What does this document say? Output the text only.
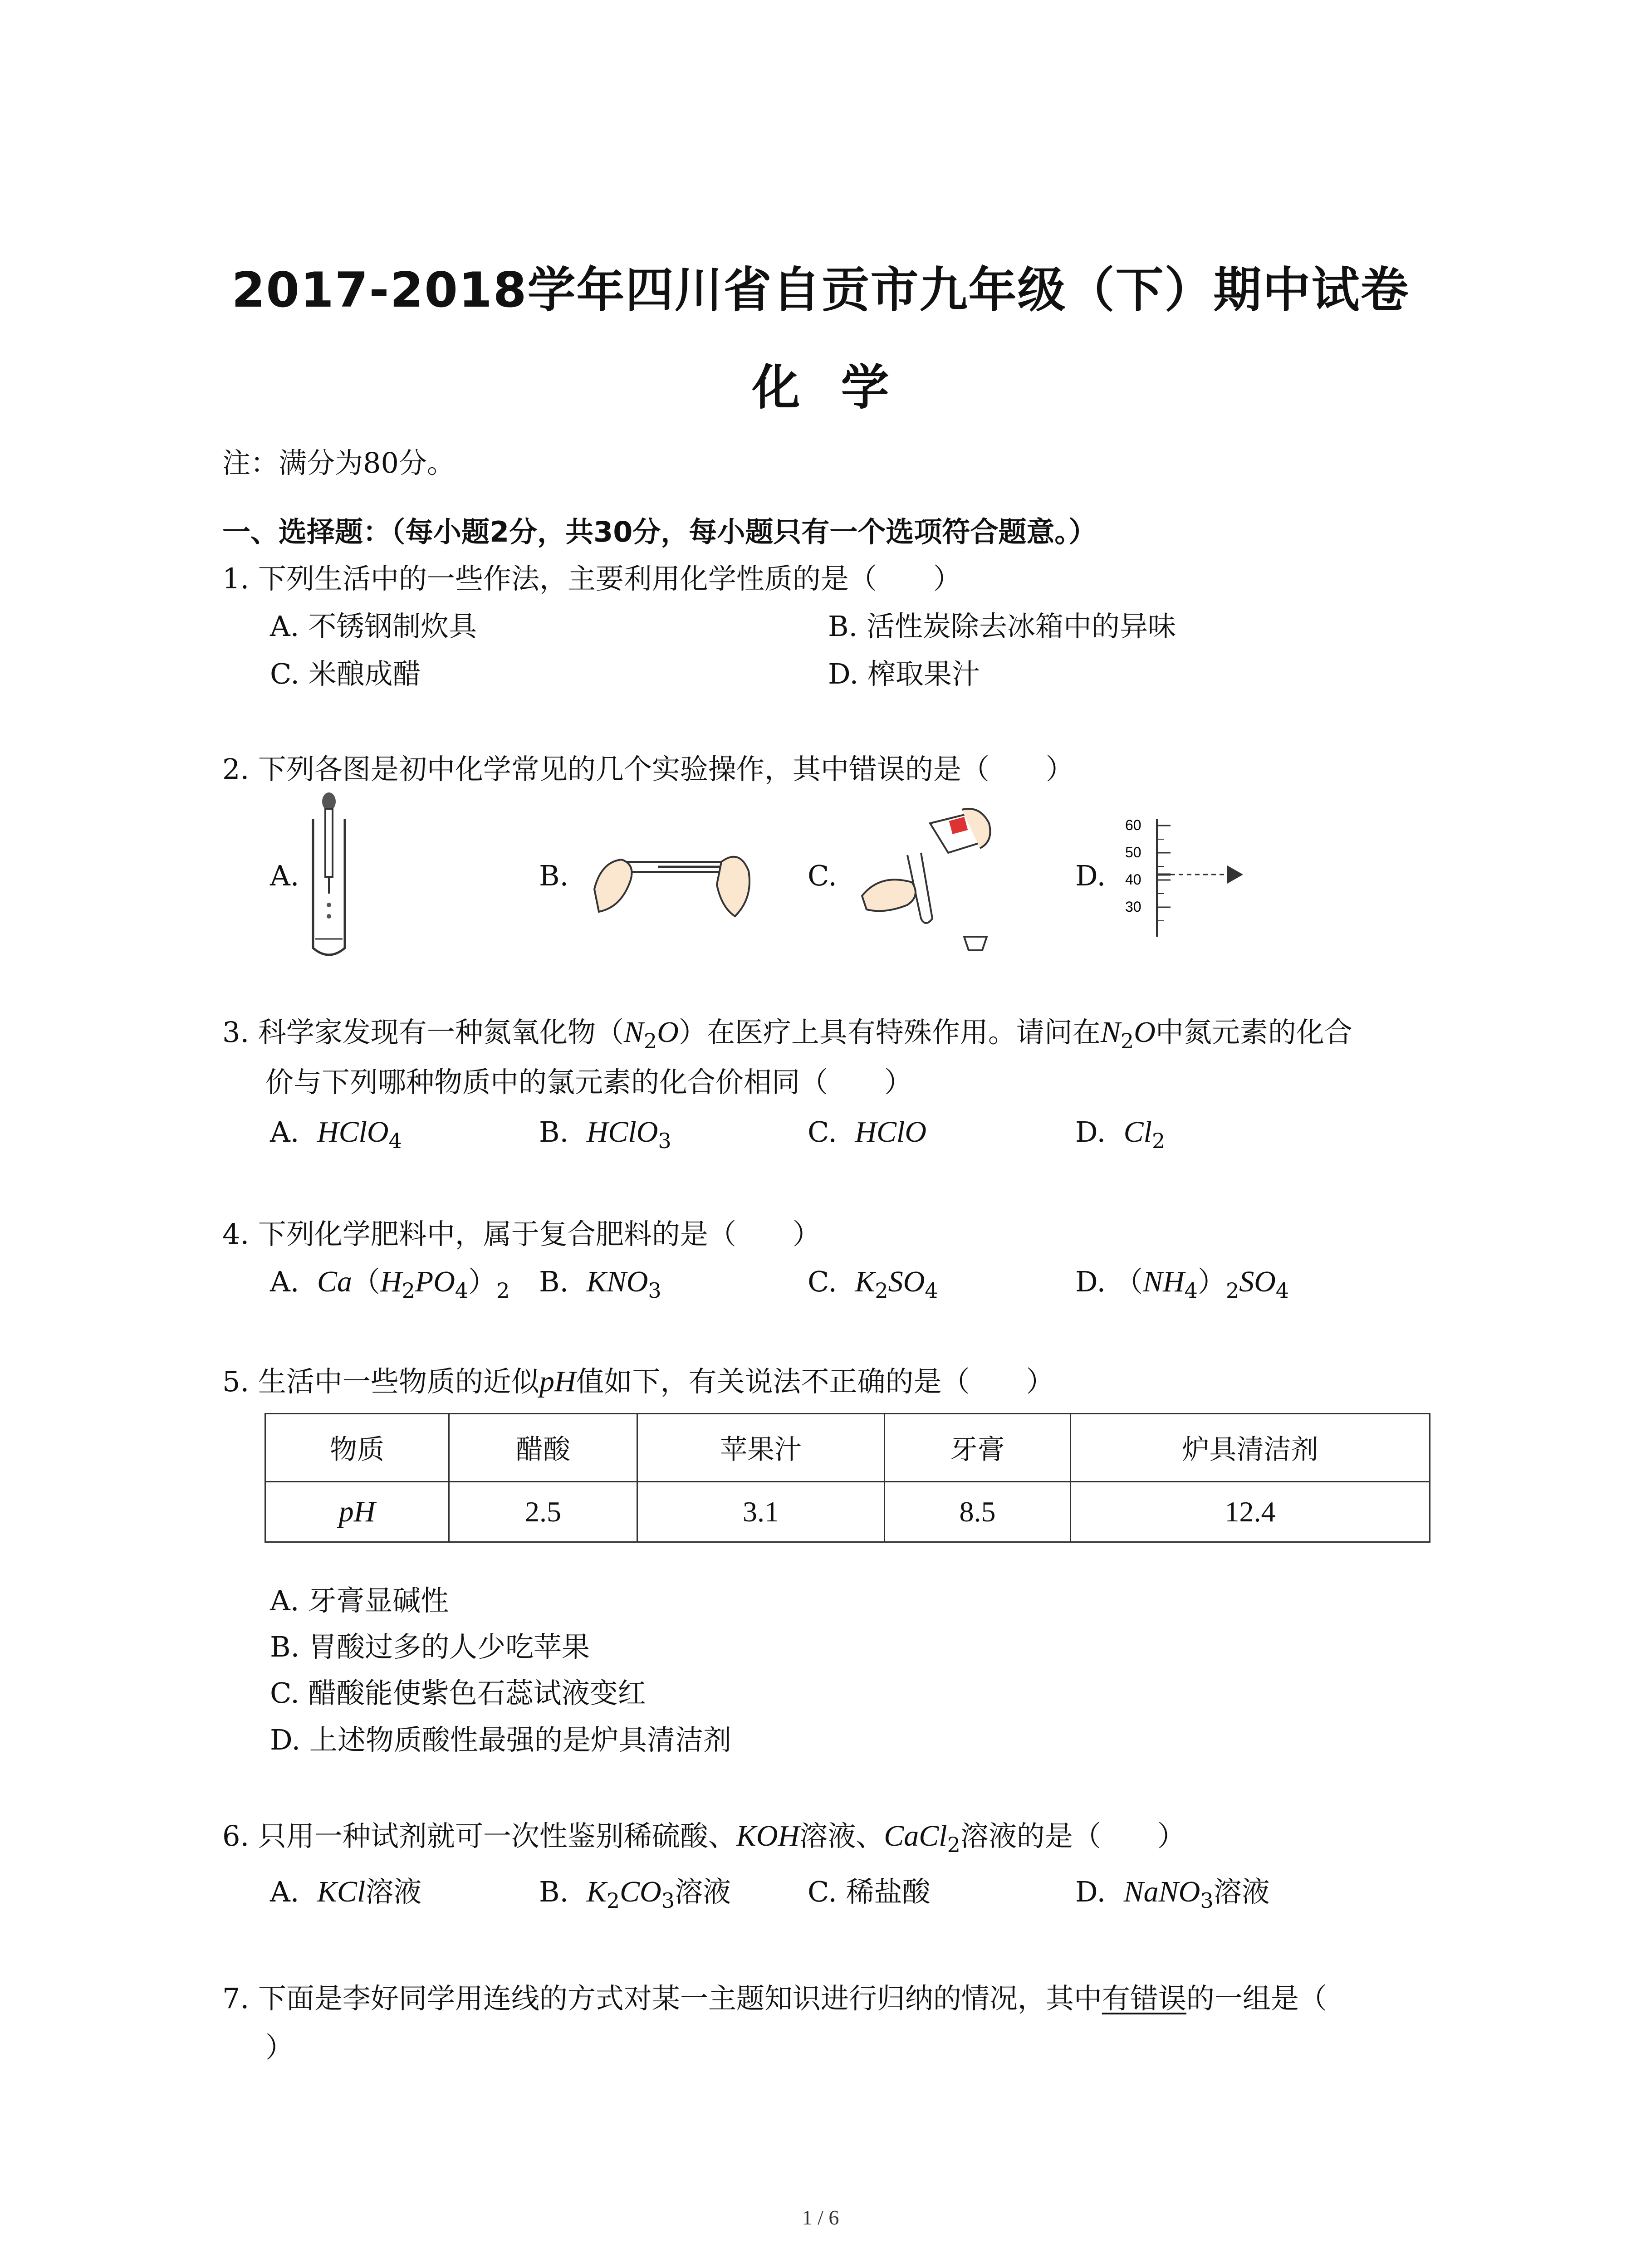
2017-2018学年四川省自贡市九年级（下）期中试卷
化学
注：满分为80分。
一、选择题：（每小题2分，共30分，每小题只有一个选项符合题意。）
1. 下列生活中的一些作法，主要利用化学性质的是（　　）
A. 不锈钢制炊具	B. 活性炭除去冰箱中的异味
C. 米酿成醋	D. 榨取果汁
2. 下列各图是初中化学常见的几个实验操作，其中错误的是（　　）
A.	B.	C.	D.
60
50
40
30
3. 科学家发现有一种氮氧化物$(N_2O)$在医疗上具有特殊作用。请问在$N_2O$中氮元素的化合
价与下列哪种物质中的氯元素的化合价相同（　　）
A. HClO$_4$	B. HClO$_3$	C. HClO	D. $Cl_2$
4. 下列化学肥料中，属于复合肥料的是（　　）
A. $Ca(H_2PO_4)_2$ B. $KNO_3$	C. $K_2SO_4$	D. $(NH_4)_2SO_4$
5. 生活中一些物质的近似pH值如下，有关说法不正确的是（　　）
物质	醋酸	苹果汁	牙膏	炉具清洁剂
pH	2.5	3.1	8.5	12.4
A. 牙膏显碱性
B. 胃酸过多的人少吃苹果
C. 醋酸能使紫色石蕊试液变红
D. 上述物质酸性最强的是炉具清洁剂
6. 只用一种试剂就可一次性鉴别稀硫酸、KOH溶液、CaCl$_2$溶液的是（　　）
A. KCl溶液	B. $K_2CO_3$溶液	C. 稀盐酸	D. NaNO$_3$溶液
7. 下面是李好同学用连线的方式对某一主题知识进行归纳的情况，其中有错误的一组是（
）
1 / 6
